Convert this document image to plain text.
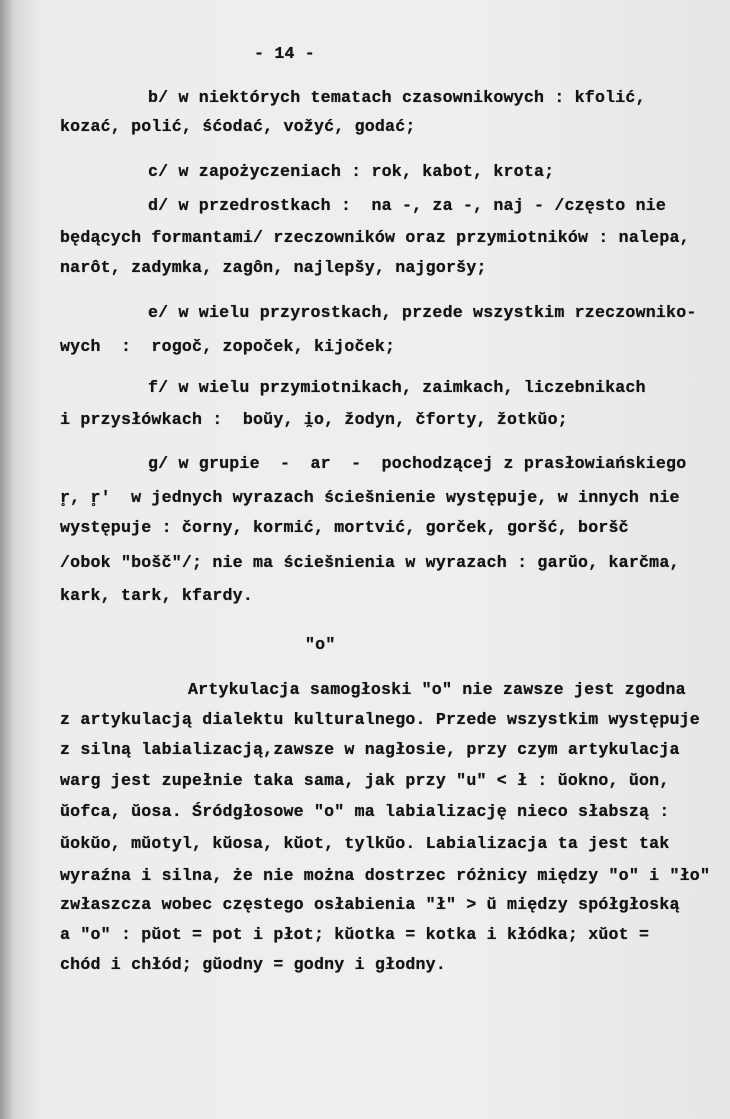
- 14 -
b/ w niektórych tematach czasownikowych : kfolić,
kozać, polić, śćodać, vožyć, godać;
c/ w zapożyczeniach : rok, kabot, krota;
d/ w przedrostkach :  na -, za -, naj - /często nie
będących formantami/ rzeczowników oraz przymiotników : nalepa,
narôt, zadymka, zagôn, najlepšy, najgoršy;
e/ w wielu przyrostkach, przede wszystkim rzeczowniko-
wych  :  rogoč, zopoček, kijoček;
f/ w wielu przymiotnikach, zaimkach, liczebnikach
i przysłówkach :  boŭy, i̯o, žodyn, čforty, žotkŭo;
g/ w grupie  -  ar  -  pochodzącej z prasłowiańskiego
r̥, r̥'  w jednych wyrazach ściešnienie występuje, w innych nie
występuje : čorny, kormić, mortvić, gorček, goršć, boršč
/obok "bošč"/; nie ma ściešnienia w wyrazach : garŭo, karčma,
kark, tark, kfardy.
"o"
Artykulacja samogłoski "o" nie zawsze jest zgodna
z artykulacją dialektu kulturalnego. Przede wszystkim występuje
z silną labializacją,zawsze w nagłosie, przy czym artykulacja
warg jest zupełnie taka sama, jak przy "u" < ł : ŭokno, ŭon,
ŭofca, ŭosa. Śródgłosowe "o" ma labializację nieco słabszą :
ŭokŭo, mŭotyl, kŭosa, kŭot, tylkŭo. Labializacja ta jest tak
wyraźna i silna, że nie można dostrzec różnicy między "o" i "ło"
zwłaszcza wobec częstego osłabienia "ł" > ŭ między spółgłoską
a "o" : pŭot = pot i płot; kŭotka = kotka i kłódka; xŭot =
chód i chłód; gŭodny = godny i głodny.
